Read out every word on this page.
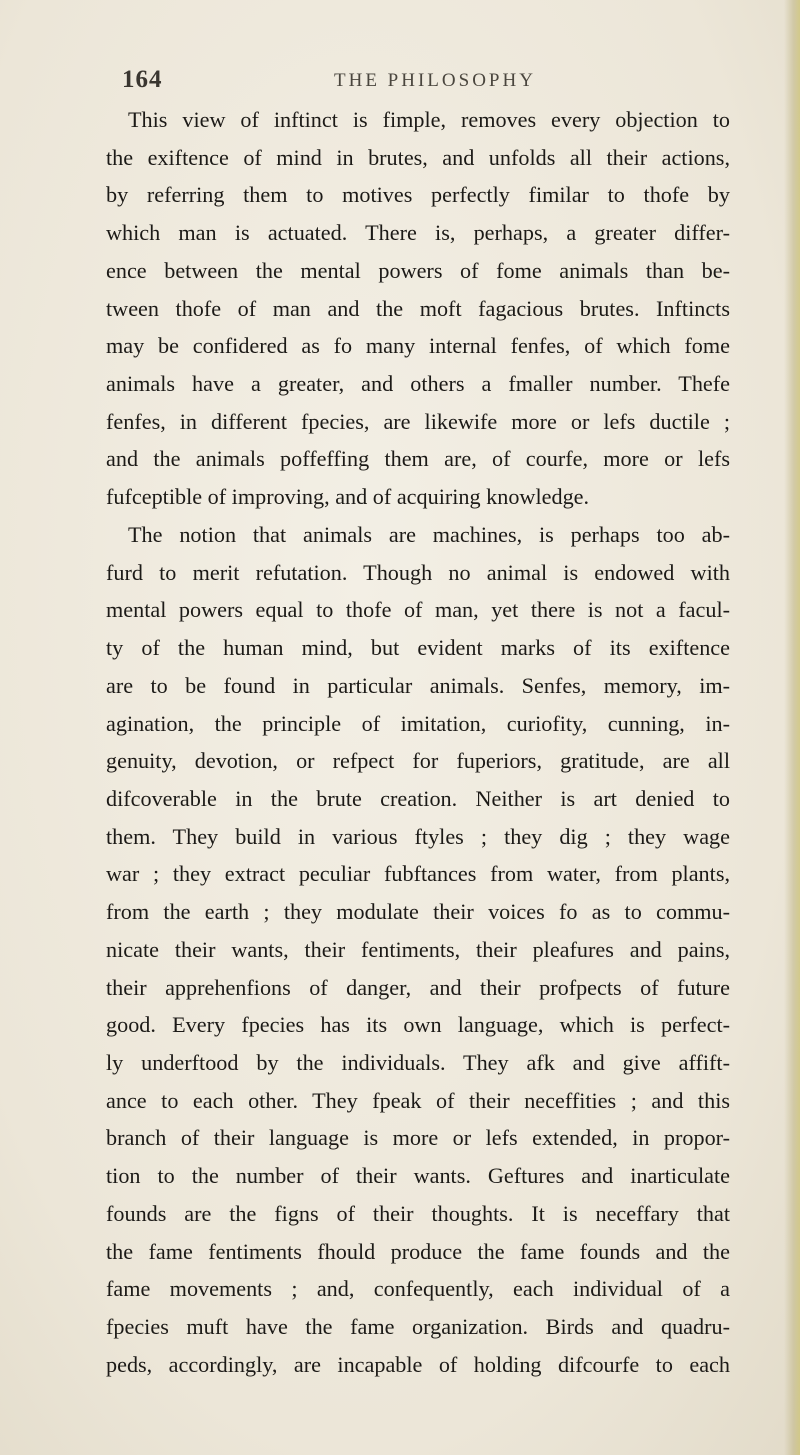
164	THE PHILOSOPHY
This view of inftinct is fimple, removes every objection to
the exiftence of mind in brutes, and unfolds all their actions,
by referring them to motives perfectly fimilar to thofe by
which man is actuated. There is, perhaps, a greater differ-
ence between the mental powers of fome animals than be-
tween thofe of man and the moft fagacious brutes. Inftincts
may be confidered as fo many internal fenfes, of which fome
animals have a greater, and others a fmaller number. Thefe
fenfes, in different fpecies, are likewife more or lefs ductile ;
and the animals poffeffing them are, of courfe, more or lefs
fufceptible of improving, and of acquiring knowledge.
The notion that animals are machines, is perhaps too ab-
furd to merit refutation. Though no animal is endowed with
mental powers equal to thofe of man, yet there is not a facul-
ty of the human mind, but evident marks of its exiftence
are to be found in particular animals. Senfes, memory, im-
agination, the principle of imitation, curiofity, cunning, in-
genuity, devotion, or refpect for fuperiors, gratitude, are all
difcoverable in the brute creation. Neither is art denied to
them. They build in various ftyles ; they dig ; they wage
war ; they extract peculiar fubftances from water, from plants,
from the earth ; they modulate their voices fo as to commu-
nicate their wants, their fentiments, their pleafures and pains,
their apprehenfions of danger, and their profpects of future
good. Every fpecies has its own language, which is perfect-
ly underftood by the individuals. They afk and give affift-
ance to each other. They fpeak of their neceffities ; and this
branch of their language is more or lefs extended, in propor-
tion to the number of their wants. Geftures and inarticulate
founds are the figns of their thoughts. It is neceffary that
the fame fentiments fhould produce the fame founds and the
fame movements ; and, confequently, each individual of a
fpecies muft have the fame organization. Birds and quadru-
peds, accordingly, are incapable of holding difcourfe to each
